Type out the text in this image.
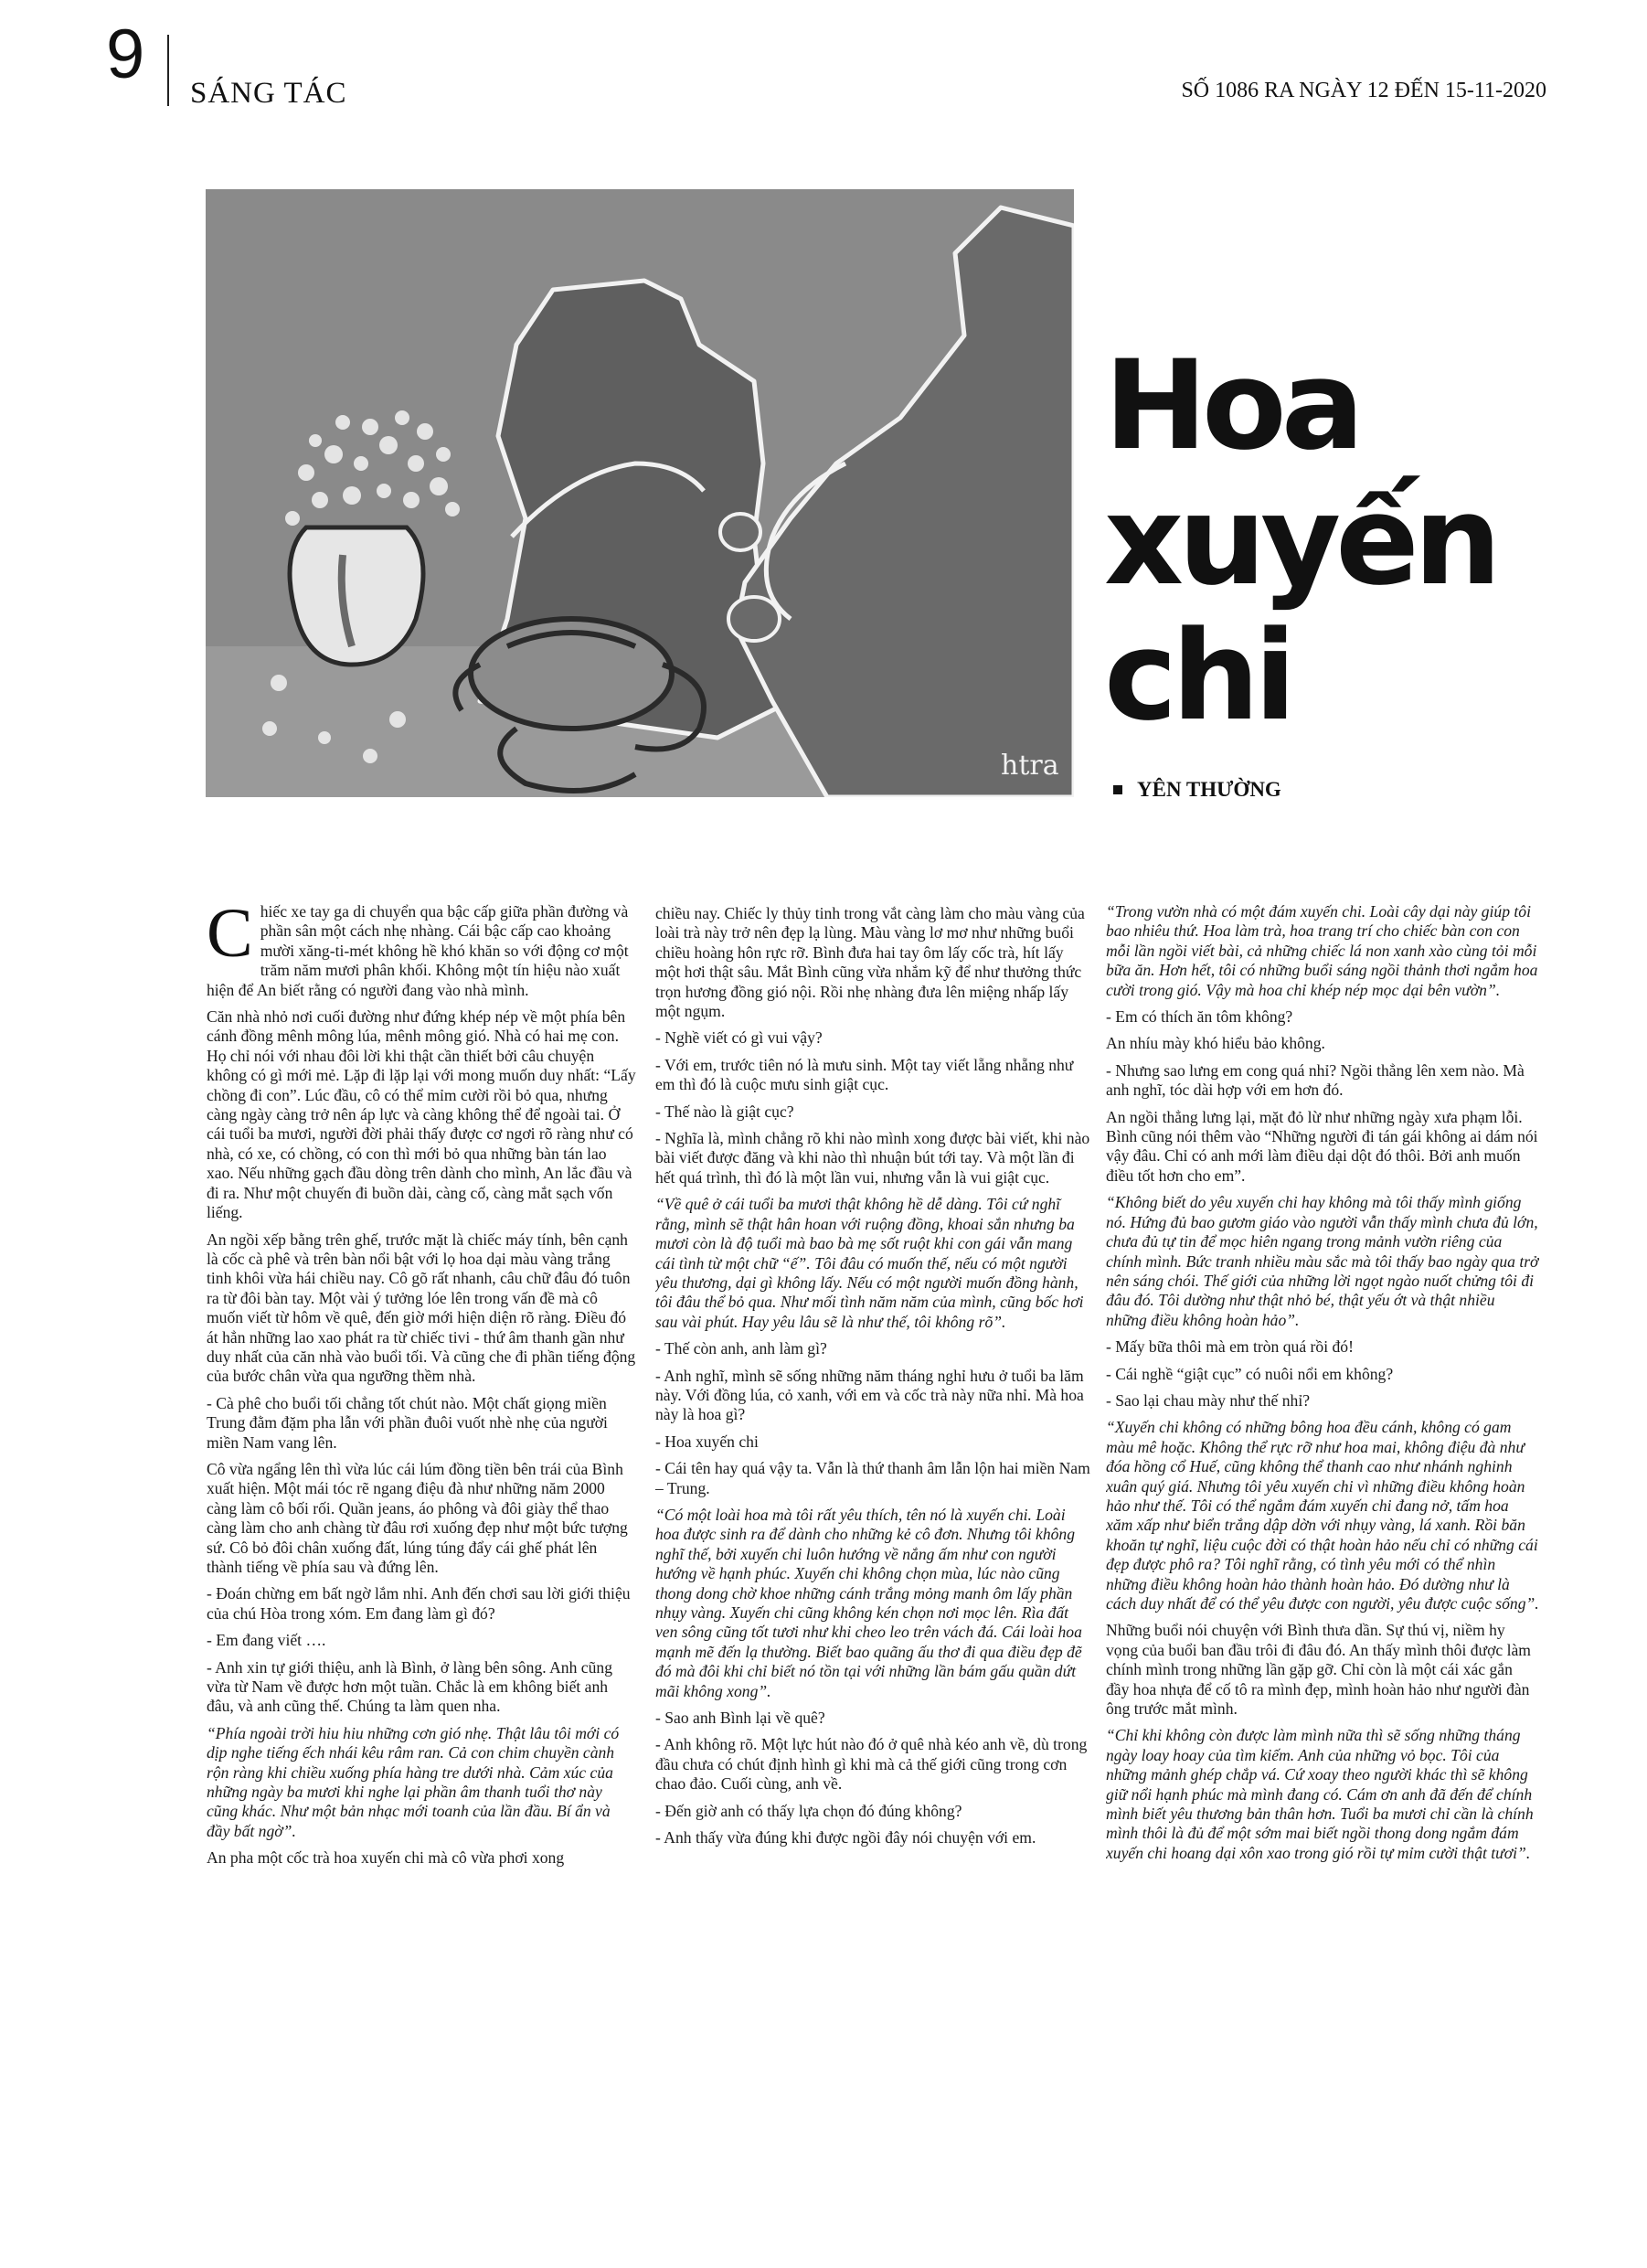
9 SÁNG TÁC	SỐ 1086 RA NGÀY 12 ĐẾN 15-11-2020
htra
Hoa
xuyến
chi
YÊN THƯỜNG

Chiếc xe tay ga di chuyển qua bậc cấp giữa phần đường và phần sân một cách nhẹ nhàng. Cái bậc cấp cao khoảng mười xăng-ti-mét không hề khó khăn so với động cơ một trăm năm mươi phân khối. Không một tín hiệu nào xuất hiện để An biết rằng có người đang vào nhà mình.

Căn nhà nhỏ nơi cuối đường như đứng khép nép về một phía bên cánh đồng mênh mông lúa, mênh mông gió. Nhà có hai mẹ con. Họ chỉ nói với nhau đôi lời khi thật cần thiết bởi câu chuyện không có gì mới mẻ. Lặp đi lặp lại với mong muốn duy nhất: “Lấy chồng đi con”. Lúc đầu, cô có thể mỉm cười rồi bỏ qua, nhưng càng ngày càng trở nên áp lực và càng không thể để ngoài tai. Ở cái tuổi ba mươi, người đời phải thấy được cơ ngơi rõ ràng như có nhà, có xe, có chồng, có con thì mới bỏ qua những bàn tán lao xao. Nếu những gạch đầu dòng trên dành cho mình, An lắc đầu và đi ra. Như một chuyến đi buồn dài, càng cố, càng mắt sạch vốn liếng.

An ngồi xếp bằng trên ghế, trước mặt là chiếc máy tính, bên cạnh là cốc cà phê và trên bàn nổi bật với lọ hoa dại màu vàng trắng tinh khôi vừa hái chiều nay. Cô gõ rất nhanh, câu chữ đâu đó tuôn ra từ đôi bàn tay. Một vài ý tưởng lóe lên trong vấn đề mà cô muốn viết từ hôm về quê, đến giờ mới hiện diện rõ ràng. Điều đó át hẳn những lao xao phát ra từ chiếc tivi - thứ âm thanh gần như duy nhất của căn nhà vào buổi tối. Và cũng che đi phần tiếng động của bước chân vừa qua ngưỡng thềm nhà.

- Cà phê cho buổi tối chẳng tốt chút nào. Một chất giọng miền Trung đằm đặm pha lẫn với phần đuôi vuốt nhè nhẹ của người miền Nam vang lên.

Cô vừa ngẩng lên thì vừa lúc cái lúm đồng tiền bên trái của Bình xuất hiện. Một mái tóc rẽ ngang điệu đà như những năm 2000 càng làm cô bối rối. Quần jeans, áo phông và đôi giày thể thao càng làm cho anh chàng từ đâu rơi xuống đẹp như một bức tượng sứ. Cô bỏ đôi chân xuống đất, lúng túng đẩy cái ghế phát lên thành tiếng về phía sau và đứng lên.

- Đoán chừng em bất ngờ lắm nhỉ. Anh đến chơi sau lời giới thiệu của chú Hòa trong xóm. Em đang làm gì đó?

- Em đang viết ….

- Anh xin tự giới thiệu, anh là Bình, ở làng bên sông. Anh cũng vừa từ Nam về được hơn một tuần. Chắc là em không biết anh đâu, và anh cũng thế. Chúng ta làm quen nha.

“Phía ngoài trời hiu hiu những cơn gió nhẹ. Thật lâu tôi mới có dịp nghe tiếng ếch nhái kêu râm ran. Cả con chim chuyền cành rộn ràng khi chiều xuống phía hàng tre dưới nhà. Cảm xúc của những ngày ba mươi khi nghe lại phần âm thanh tuổi thơ này cũng khác. Như một bản nhạc mới toanh của lần đầu. Bí ẩn và đầy bất ngờ”.

An pha một cốc trà hoa xuyến chi mà cô vừa phơi xong

chiều nay. Chiếc ly thủy tinh trong vắt càng làm cho màu vàng của loài trà này trở nên đẹp lạ lùng. Màu vàng lơ mơ như những buổi chiều hoàng hôn rực rỡ. Bình đưa hai tay ôm lấy cốc trà, hít lấy một hơi thật sâu. Mắt Bình cũng vừa nhắm kỹ để như thưởng thức trọn hương đồng gió nội. Rồi nhẹ nhàng đưa lên miệng nhấp lấy một ngụm.

- Nghề viết có gì vui vậy?

- Với em, trước tiên nó là mưu sinh. Một tay viết lẵng nhẵng như em thì đó là cuộc mưu sinh giật cục.

- Thế nào là giật cục?

- Nghĩa là, mình chẳng rõ khi nào mình xong được bài viết, khi nào bài viết được đăng và khi nào thì nhuận bút tới tay. Và một lần đi hết quá trình, thì đó là một lần vui, nhưng vẫn là vui giật cục.

“Về quê ở cái tuổi ba mươi thật không hề dễ dàng. Tôi cứ nghĩ rằng, mình sẽ thật hân hoan với ruộng đồng, khoai sắn nhưng ba mươi còn là độ tuổi mà bao bà mẹ sốt ruột khi con gái vẫn mang cái tình từ một chữ “ế”. Tôi đâu có muốn thế, nếu có một người yêu thương, dại gì không lấy. Nếu có một người muốn đồng hành, tôi đâu thể bỏ qua. Như mối tình năm năm của mình, cũng bốc hơi sau vài phút. Hay yêu lâu sẽ là như thế, tôi không rõ”.

- Thế còn anh, anh làm gì?

- Anh nghĩ, mình sẽ sống những năm tháng nghỉ hưu ở tuổi ba lăm này. Với đồng lúa, cỏ xanh, với em và cốc trà này nữa nhỉ. Mà hoa này là hoa gì?

- Hoa xuyến chi

- Cái tên hay quá vậy ta. Vẫn là thứ thanh âm lẫn lộn hai miền Nam – Trung.

“Có một loài hoa mà tôi rất yêu thích, tên nó là xuyến chi. Loài hoa được sinh ra để dành cho những kẻ cô đơn. Nhưng tôi không nghĩ thế, bởi xuyến chi luôn hướng về nắng ấm như con người hướng về hạnh phúc. Xuyến chi không chọn mùa, lúc nào cũng thong dong chờ khoe những cánh trắng mỏng manh ôm lấy phần nhụy vàng. Xuyến chi cũng không kén chọn nơi mọc lên. Rìa đất ven sông cũng tốt tươi như khi cheo leo trên vách đá. Cái loài hoa mạnh mẽ đến lạ thường. Biết bao quãng ấu thơ đi qua điều đẹp đẽ đó mà đôi khi chỉ biết nó tồn tại với những lần bám gấu quần dứt mãi không xong”.

- Sao anh Bình lại về quê?

- Anh không rõ. Một lực hút nào đó ở quê nhà kéo anh về, dù trong đầu chưa có chút định hình gì khi mà cả thế giới cũng trong cơn chao đảo. Cuối cùng, anh về.

- Đến giờ anh có thấy lựa chọn đó đúng không?

- Anh thấy vừa đúng khi được ngồi đây nói chuyện với em.

“Trong vườn nhà có một đám xuyến chi. Loài cây dại này giúp tôi bao nhiêu thứ. Hoa làm trà, hoa trang trí cho chiếc bàn con con mỗi lần ngồi viết bài, cả những chiếc lá non xanh xào cùng tỏi mỗi bữa ăn. Hơn hết, tôi có những buổi sáng ngồi thảnh thơi ngắm hoa cười trong gió. Vậy mà hoa chỉ khép nép mọc dại bên vườn”.

- Em có thích ăn tôm không?

An nhíu mày khó hiểu bảo không.

- Nhưng sao lưng em cong quá nhỉ? Ngồi thẳng lên xem nào. Mà anh nghĩ, tóc dài hợp với em hơn đó.

An ngồi thẳng lưng lại, mặt đỏ lừ như những ngày xưa phạm lỗi. Bình cũng nói thêm vào “Những người đi tán gái không ai dám nói vậy đâu. Chỉ có anh mới làm điều dại dột đó thôi. Bởi anh muốn điều tốt hơn cho em”.

“Không biết do yêu xuyến chi hay không mà tôi thấy mình giống nó. Hứng đủ bao gươm giáo vào người vẫn thấy mình chưa đủ lớn, chưa đủ tự tin để mọc hiên ngang trong mảnh vườn riêng của chính mình. Bức tranh nhiều màu sắc mà tôi thấy bao ngày qua trở nên sáng chói. Thế giới của những lời ngọt ngào nuốt chửng tôi đi đâu đó. Tôi dường như thật nhỏ bé, thật yếu ớt và thật nhiều những điều không hoàn hảo”.

- Mấy bữa thôi mà em tròn quá rồi đó!

- Cái nghề “giật cục” có nuôi nổi em không?

- Sao lại chau mày như thế nhỉ?

“Xuyến chi không có những bông hoa đều cánh, không có gam màu mê hoặc. Không thể rực rỡ như hoa mai, không điệu đà như đóa hồng cổ Huế, cũng không thể thanh cao như nhánh nghinh xuân quý giá. Nhưng tôi yêu xuyến chi vì những điều không hoàn hảo như thế. Tôi có thể ngắm đám xuyến chi đang nở, tấm hoa xăm xấp như biển trắng dập dờn với nhụy vàng, lá xanh. Rồi băn khoăn tự nghĩ, liệu cuộc đời có thật hoàn hảo nếu chỉ có những cái đẹp được phô ra? Tôi nghĩ rằng, có tình yêu mới có thể nhìn những điều không hoàn hảo thành hoàn hảo. Đó dường như là cách duy nhất để có thể yêu được con người, yêu được cuộc sống”.

Những buổi nói chuyện với Bình thưa dần. Sự thú vị, niềm hy vọng của buổi ban đầu trôi đi đâu đó. An thấy mình thôi được làm chính mình trong những lần gặp gỡ. Chỉ còn là một cái xác gắn đầy hoa nhựa để cố tô ra mình đẹp, mình hoàn hảo như người đàn ông trước mắt mình.

“Chỉ khi không còn được làm mình nữa thì sẽ sống những tháng ngày loay hoay của tìm kiếm. Anh của những vỏ bọc. Tôi của những mảnh ghép chắp vá. Cứ xoay theo người khác thì sẽ không giữ nổi hạnh phúc mà mình đang có. Cám ơn anh đã đến để chính mình biết yêu thương bản thân hơn. Tuổi ba mươi chỉ cần là chính mình thôi là đủ để một sớm mai biết ngồi thong dong ngắm đám xuyến chi hoang dại xôn xao trong gió rồi tự mỉm cười thật tươi”.
